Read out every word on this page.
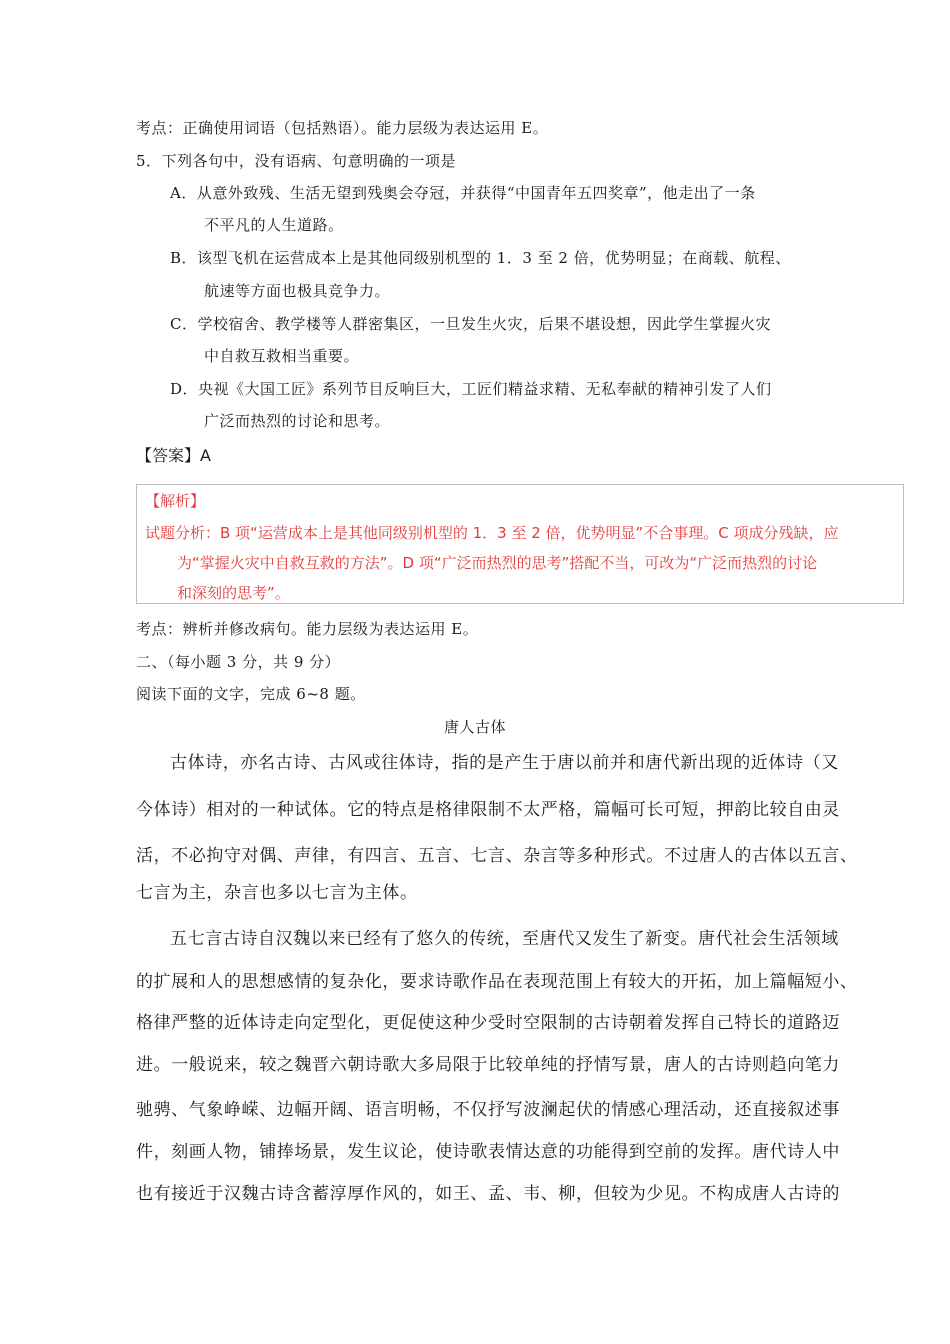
考点：正确使用词语（包括熟语）。能力层级为表达运用 E。
5．下列各句中，没有语病、句意明确的一项是
A．从意外致残、生活无望到残奥会夺冠，并获得“中国青年五四奖章”，他走出了一条
不平凡的人生道路。
B．该型飞机在运营成本上是其他同级别机型的 1．3 至 2 倍，优势明显；在商载、航程、
航速等方面也极具竞争力。
C．学校宿舍、教学楼等人群密集区，一旦发生火灾，后果不堪设想，因此学生掌握火灾
中自救互救相当重要。
D．央视《大国工匠》系列节目反响巨大，工匠们精益求精、无私奉献的精神引发了人们
广泛而热烈的讨论和思考。
【答案】A
【解析】
试题分析：B 项“运营成本上是其他同级别机型的 1．3 至 2 倍，优势明显”不合事理。C 项成分残缺，应
为“掌握火灾中自救互救的方法”。D 项“广泛而热烈的思考”搭配不当，可改为“广泛而热烈的讨论
和深刻的思考”。
考点：辨析并修改病句。能力层级为表达运用 E。
二、（每小题 3 分，共 9 分）
阅读下面的文字，完成 6~8 题。
唐人古体
古体诗，亦名古诗、古风或往体诗，指的是产生于唐以前并和唐代新出现的近体诗（又
今体诗）相对的一种试体。它的特点是格律限制不太严格，篇幅可长可短，押韵比较自由灵
活，不必拘守对偶、声律，有四言、五言、七言、杂言等多种形式。不过唐人的古体以五言、
七言为主，杂言也多以七言为主体。
五七言古诗自汉魏以来已经有了悠久的传统，至唐代又发生了新变。唐代社会生活领域
的扩展和人的思想感情的复杂化，要求诗歌作品在表现范围上有较大的开拓，加上篇幅短小、
格律严整的近体诗走向定型化，更促使这种少受时空限制的古诗朝着发挥自己特长的道路迈
进。一般说来，较之魏晋六朝诗歌大多局限于比较单纯的抒情写景，唐人的古诗则趋向笔力
驰骋、气象峥嵘、边幅开阔、语言明畅，不仅抒写波澜起伏的情感心理活动，还直接叙述事
件，刻画人物，铺捧场景，发生议论，使诗歌表情达意的功能得到空前的发挥。唐代诗人中
也有接近于汉魏古诗含蓄淳厚作风的，如王、孟、韦、柳，但较为少见。不构成唐人古诗的
